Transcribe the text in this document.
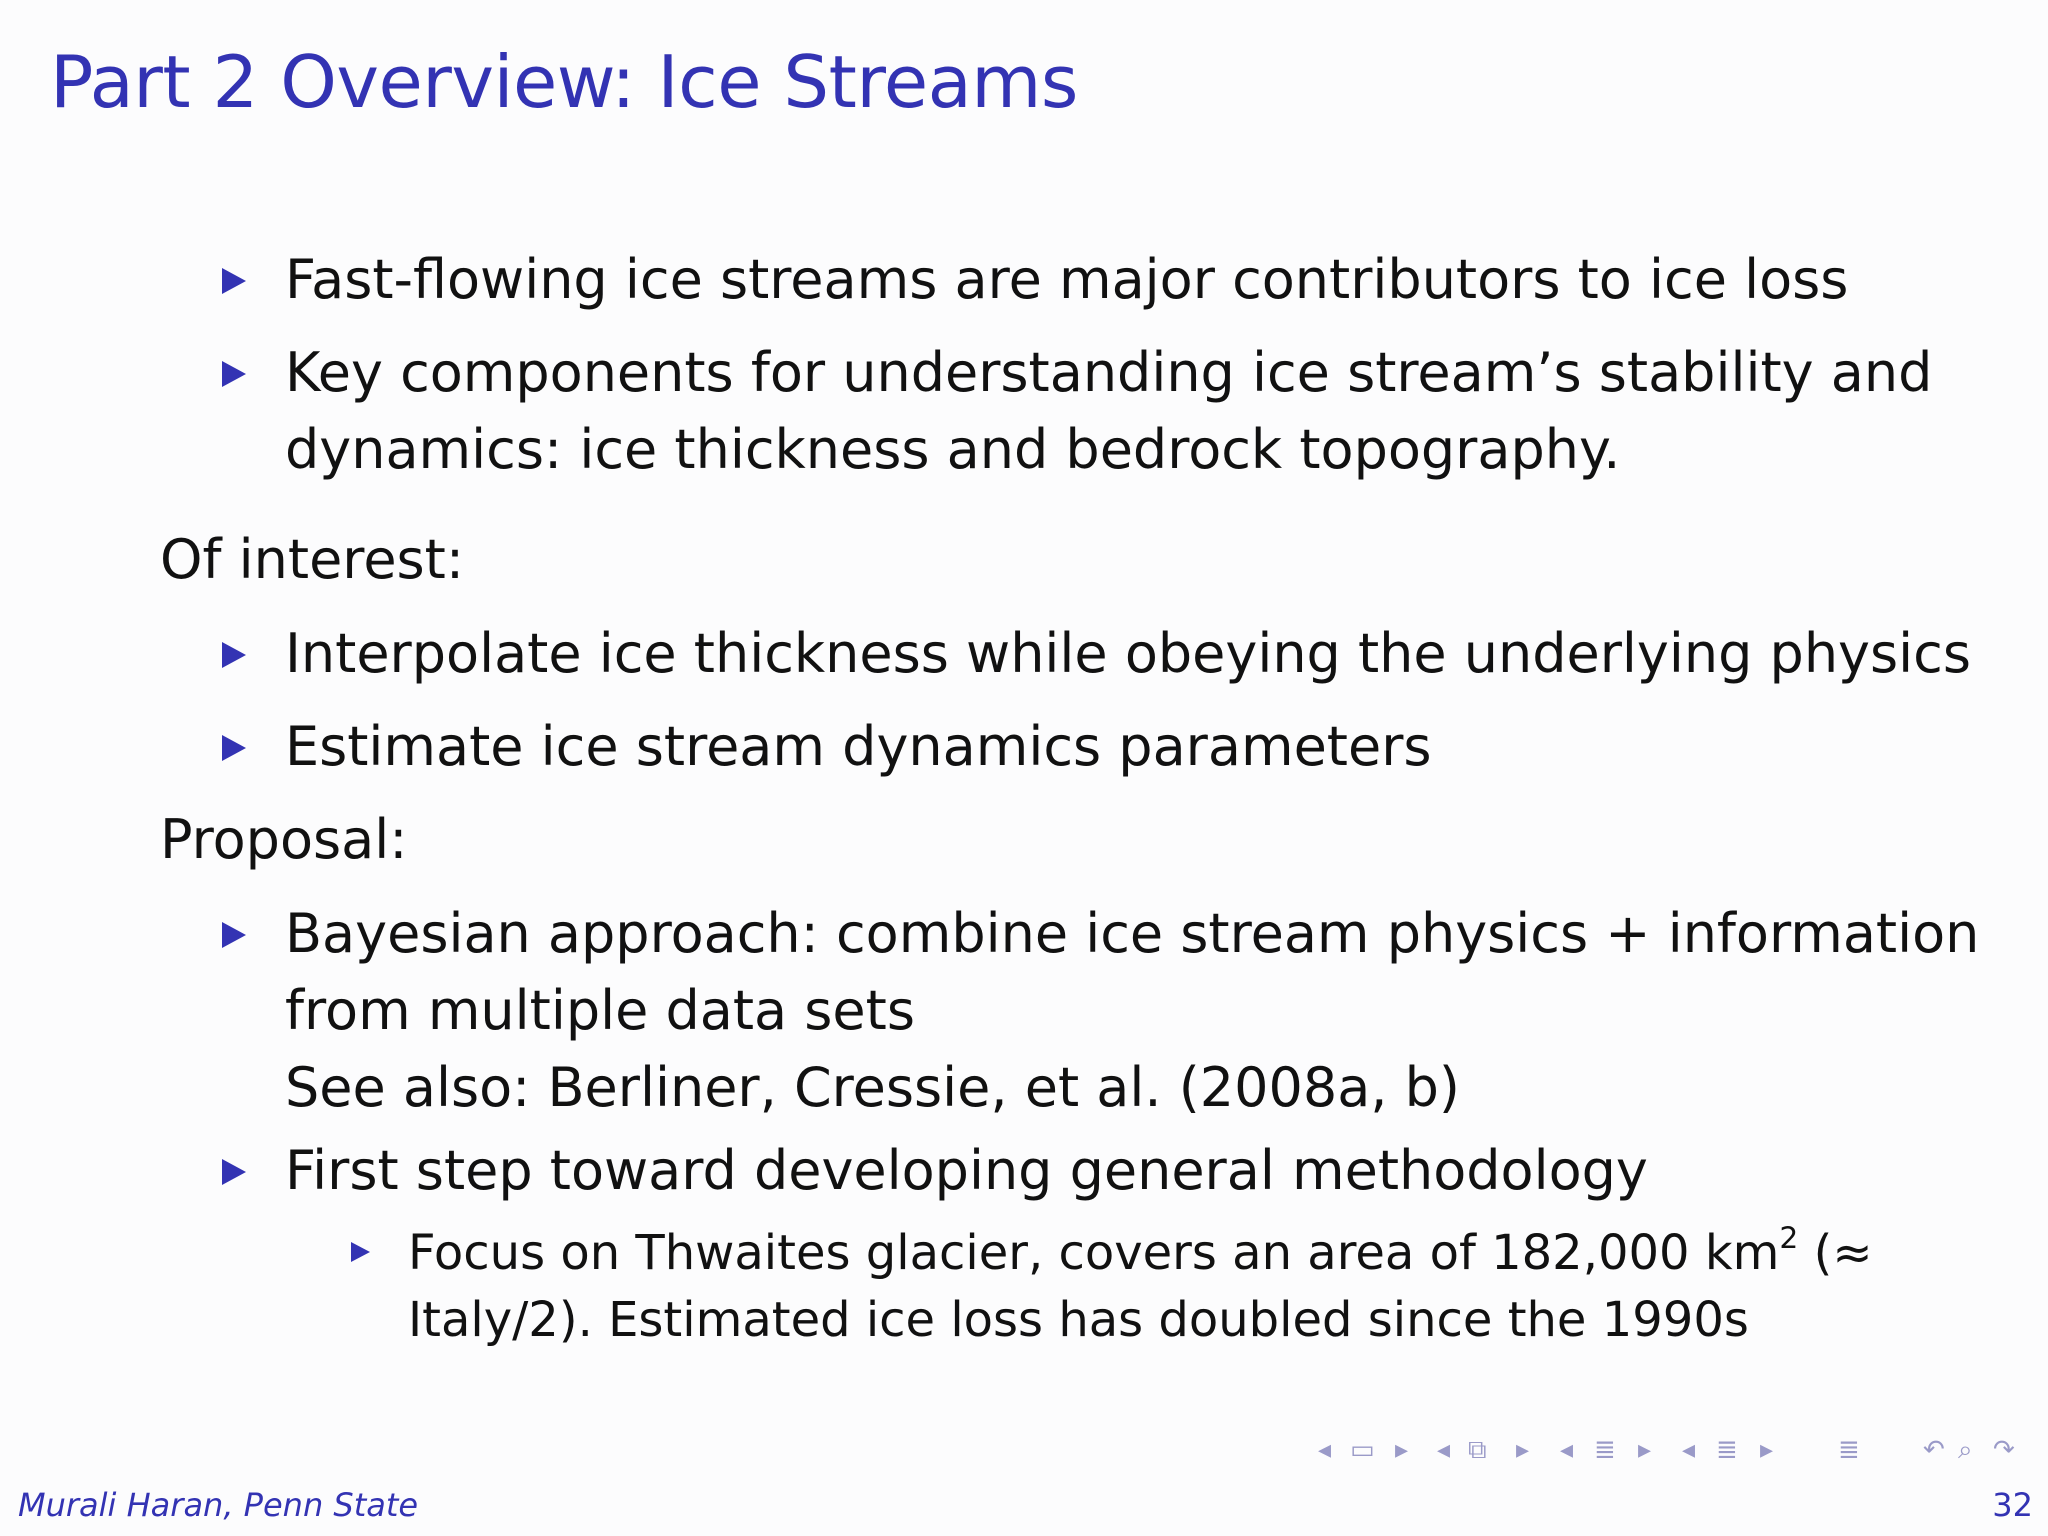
Part 2 Overview: Ice Streams
Fast-flowing ice streams are major contributors to ice loss
Key components for understanding ice stream’s stability and
dynamics: ice thickness and bedrock topography.
Of interest:
Interpolate ice thickness while obeying the underlying physics
Estimate ice stream dynamics parameters
Proposal:
Bayesian approach: combine ice stream physics + information
from multiple data sets
See also: Berliner, Cressie, et al. (2008a, b)
First step toward developing general methodology
Focus on Thwaites glacier, covers an area of 182,000 $km^2$ (≈
Italy/2). Estimated ice loss has doubled since the 1990s
◂ ▭ ▸ ◂ ⧉ ▸ ◂ ≣ ▸ ◂ ≣ ▸ ≣ ↶ ⌕ ↷
Murali Haran, Penn State	32
